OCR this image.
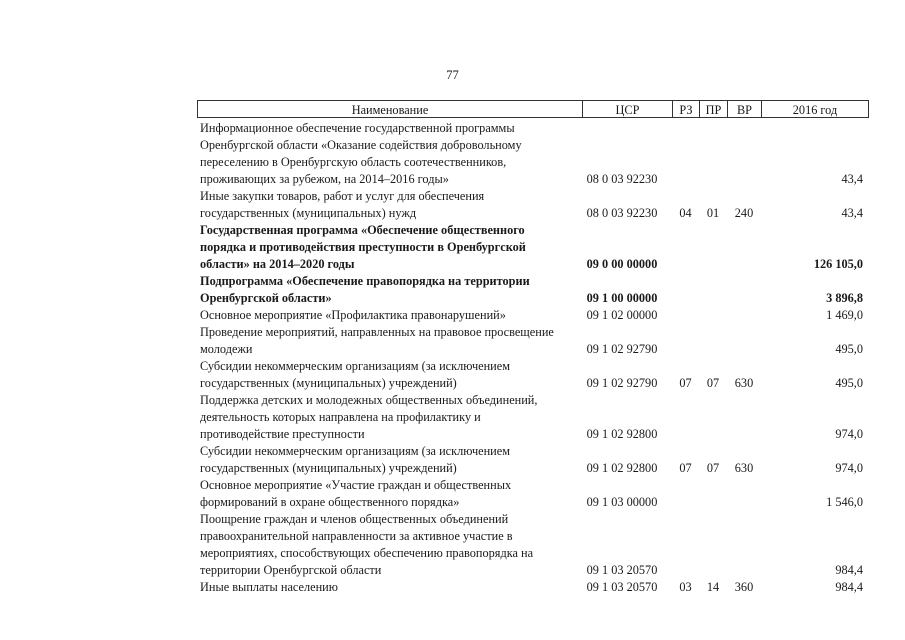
77
Наименование	ЦСР	РЗ	ПР	ВР	2016 год
Информационное обеспечение государственной программы
Оренбургской области «Оказание содействия добровольному
переселению в Оренбургскую область соотечественников,
проживающих за рубежом, на 2014–2016 годы»	08 0 03 92230	43,4
Иные закупки товаров, работ и услуг для обеспечения
государственных (муниципальных) нужд	08 0 03 92230	04	01	240	43,4
Государственная программа «Обеспечение общественного
порядка и противодействия преступности в Оренбургской
области» на 2014–2020 годы	09 0 00 00000	126 105,0
Подпрограмма «Обеспечение правопорядка на территории
Оренбургской области»	09 1 00 00000	3 896,8
Основное мероприятие «Профилактика правонарушений»	09 1 02 00000	1 469,0
Проведение мероприятий, направленных на правовое просвещение
молодежи	09 1 02 92790	495,0
Субсидии некоммерческим организациям (за исключением
государственных (муниципальных) учреждений)	09 1 02 92790	07	07	630	495,0
Поддержка детских и молодежных общественных объединений,
деятельность которых направлена на профилактику и
противодействие преступности	09 1 02 92800	974,0
Субсидии некоммерческим организациям (за исключением
государственных (муниципальных) учреждений)	09 1 02 92800	07	07	630	974,0
Основное мероприятие «Участие граждан и общественных
формирований в охране общественного порядка»	09 1 03 00000	1 546,0
Поощрение граждан и членов общественных объединений
правоохранительной направленности за активное участие в
мероприятиях, способствующих обеспечению правопорядка на
территории Оренбургской области	09 1 03 20570	984,4
Иные выплаты населению	09 1 03 20570	03	14	360	984,4
